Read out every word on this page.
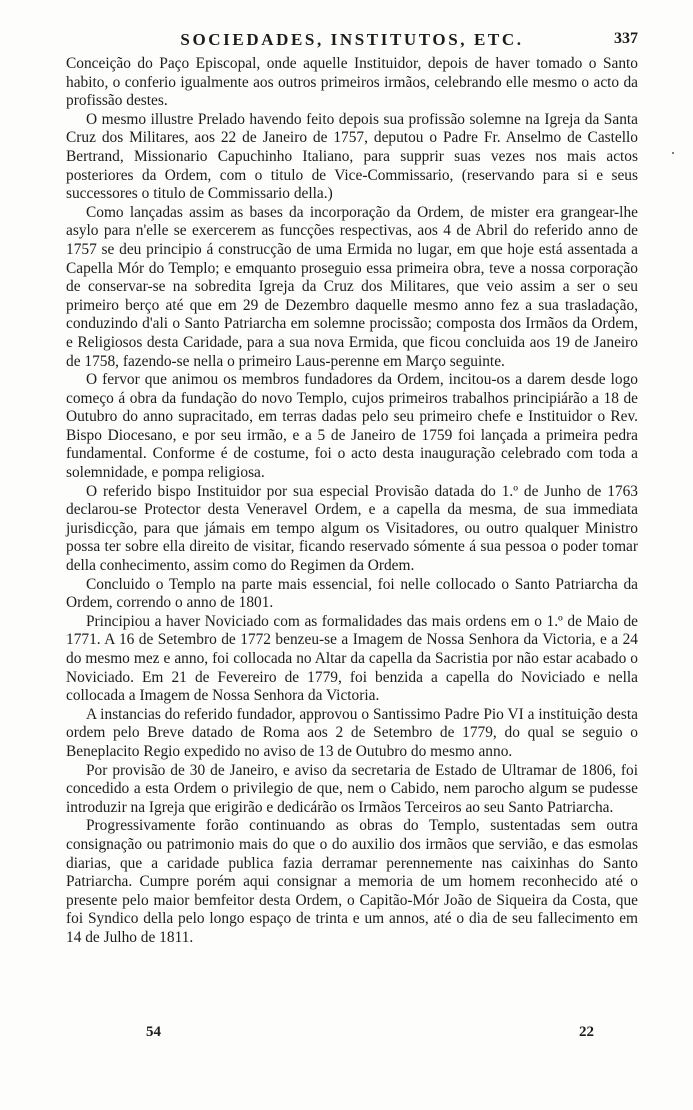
SOCIEDADES, INSTITUTOS, ETC.	337

Conceição do Paço Episcopal, onde aquelle Instituidor, depois de haver tomado o Santo habito, o conferio igualmente aos outros primeiros irmãos, celebrando elle mesmo o acto da profissão destes.

O mesmo illustre Prelado havendo feito depois sua profissão solemne na Igreja da Santa Cruz dos Militares, aos 22 de Janeiro de 1757, deputou o Padre Fr. Anselmo de Castello Bertrand, Missionario Capuchinho Italiano, para supprir suas vezes nos mais actos posteriores da Ordem, com o titulo de Vice-Commissario, (reservando para si e seus successores o titulo de Commissario della.)

Como lançadas assim as bases da incorporação da Ordem, de mister era grangear-lhe asylo para n'elle se exercerem as funcções respectivas, aos 4 de Abril do referido anno de 1757 se deu principio á construcção de uma Ermida no lugar, em que hoje está assentada a Capella Mór do Templo; e emquanto proseguio essa primeira obra, teve a nossa corporação de conservar-se na sobredita Igreja da Cruz dos Militares, que veio assim a ser o seu primeiro berço até que em 29 de Dezembro daquelle mesmo anno fez a sua trasladação, conduzindo d'ali o Santo Patriarcha em solemne procissão; composta dos Irmãos da Ordem, e Religiosos desta Caridade, para a sua nova Ermida, que ficou concluida aos 19 de Janeiro de 1758, fazendo-se nella o primeiro Laus-perenne em Março seguinte.

O fervor que animou os membros fundadores da Ordem, incitou-os a darem desde logo começo á obra da fundação do novo Templo, cujos primeiros trabalhos principiárão a 18 de Outubro do anno supracitado, em terras dadas pelo seu primeiro chefe e Instituidor o Rev. Bispo Diocesano, e por seu irmão, e a 5 de Janeiro de 1759 foi lançada a primeira pedra fundamental. Conforme é de costume, foi o acto desta inauguração celebrado com toda a solemnidade, e pompa religiosa.

O referido bispo Instituidor por sua especial Provisão datada do 1.º de Junho de 1763 declarou-se Protector desta Veneravel Ordem, e a capella da mesma, de sua immediata jurisdicção, para que jámais em tempo algum os Visitadores, ou outro qualquer Ministro possa ter sobre ella direito de visitar, ficando reservado sómente á sua pessoa o poder tomar della conhecimento, assim como do Regimen da Ordem.

Concluido o Templo na parte mais essencial, foi nelle collocado o Santo Patriarcha da Ordem, correndo o anno de 1801.

Principiou a haver Noviciado com as formalidades das mais ordens em o 1.º de Maio de 1771. A 16 de Setembro de 1772 benzeu-se a Imagem de Nossa Senhora da Victoria, e a 24 do mesmo mez e anno, foi collocada no Altar da capella da Sacristia por não estar acabado o Noviciado. Em 21 de Fevereiro de 1779, foi benzida a capella do Noviciado e nella collocada a Imagem de Nossa Senhora da Victoria.

A instancias do referido fundador, approvou o Santissimo Padre Pio VI a instituição desta ordem pelo Breve datado de Roma aos 2 de Setembro de 1779, do qual se seguio o Beneplacito Regio expedido no aviso de 13 de Outubro do mesmo anno.

Por provisão de 30 de Janeiro, e aviso da secretaria de Estado de Ultramar de 1806, foi concedido a esta Ordem o privilegio de que, nem o Cabido, nem parocho algum se pudesse introduzir na Igreja que erigirão e dedicárão os Irmãos Terceiros ao seu Santo Patriarcha.

Progressivamente forão continuando as obras do Templo, sustentadas sem outra consignação ou patrimonio mais do que o do auxilio dos irmãos que servião, e das esmolas diarias, que a caridade publica fazia derramar perennemente nas caixinhas do Santo Patriarcha. Cumpre porém aqui consignar a memoria de um homem reconhecido até o presente pelo maior bemfeitor desta Ordem, o Capitão-Mór João de Siqueira da Costa, que foi Syndico della pelo longo espaço de trinta e um annos, até o dia de seu fallecimento em 14 de Julho de 1811.

54	22
